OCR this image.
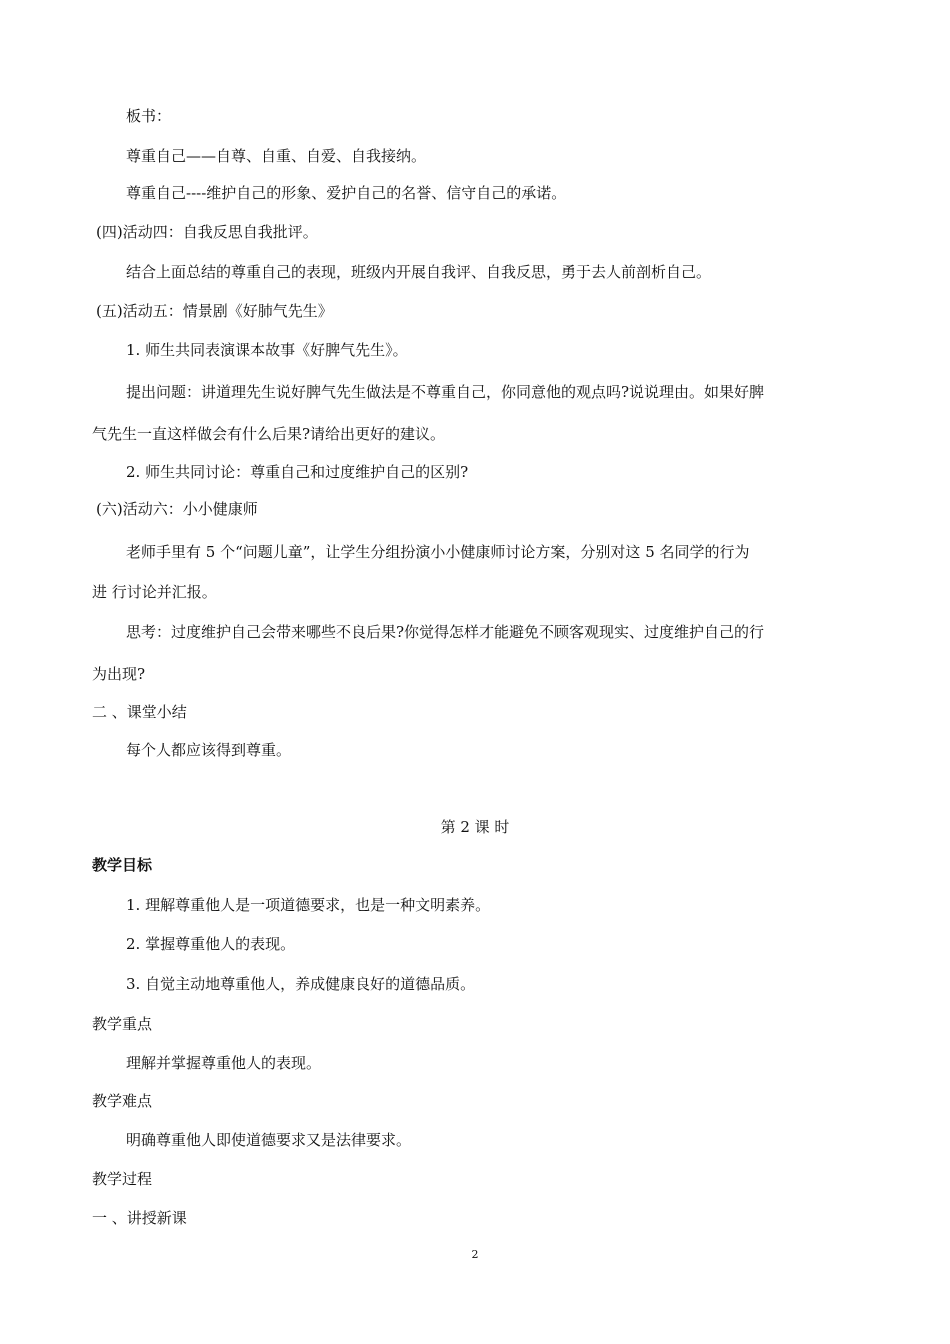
板书：
尊重自己——自尊、自重、自爱、自我接纳。
尊重自己----维护自己的形象、爱护自己的名誉、信守自己的承诺。
(四)活动四：自我反思自我批评。
结合上面总结的尊重自己的表现，班级内开展自我评、自我反思，勇于去人前剖析自己。
(五)活动五：情景剧《好肺气先生》
1. 师生共同表演课本故事《好脾气先生》。
提出问题：讲道理先生说好脾气先生做法是不尊重自己，你同意他的观点吗?说说理由。如果好脾
气先生一直这样做会有什么后果?请给出更好的建议。
2. 师生共同讨论：尊重自己和过度维护自己的区别?
(六)活动六：小小健康师
老师手里有 5 个“问题儿童”，让学生分组扮演小小健康师讨论方案，分别对这 5 名同学的行为
进 行讨论并汇报。
思考：过度维护自己会带来哪些不良后果?你觉得怎样才能避免不顾客观现实、过度维护自己的行
为出现?
二 、课堂小结
每个人都应该得到尊重。
第 2 课 时
教学目标
1. 理解尊重他人是一项道德要求，也是一种文明素养。
2. 掌握尊重他人的表现。
3. 自觉主动地尊重他人，养成健康良好的道德品质。
教学重点
理解并掌握尊重他人的表现。
教学难点
明确尊重他人即使道德要求又是法律要求。
教学过程
一 、讲授新课
2
